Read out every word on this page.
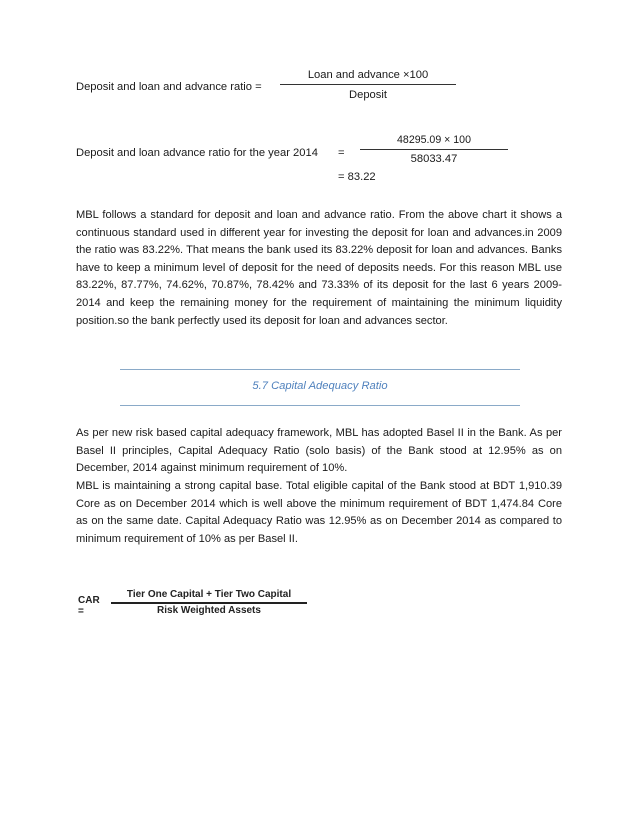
Deposit and loan and advance ratio =
Loan and advance ×100
Deposit
Deposit and loan advance ratio for the year 2014 =
48295.09 × 100
58033.47
= 83.22
MBL follows a standard for deposit and loan and advance ratio. From the above chart it shows a continuous standard used in different year for investing the deposit for loan and advances.in 2009 the ratio was 83.22%. That means the bank used its 83.22% deposit for loan and advances. Banks have to keep a minimum level of deposit for the need of deposits needs. For this reason MBL use 83.22%, 87.77%, 74.62%, 70.87%, 78.42% and 73.33% of its deposit for the last 6 years 2009-2014 and keep the remaining money for the requirement of maintaining the minimum liquidity position.so the bank perfectly used its deposit for loan and advances sector.
5.7 Capital Adequacy Ratio
As per new risk based capital adequacy framework, MBL has adopted Basel II in the Bank. As per Basel II principles, Capital Adequacy Ratio (solo basis) of the Bank stood at 12.95% as on December, 2014 against minimum requirement of 10%.
MBL is maintaining a strong capital base. Total eligible capital of the Bank stood at BDT 1,910.39 Core as on December 2014 which is well above the minimum requirement of BDT 1,474.84 Core as on the same date. Capital Adequacy Ratio was 12.95% as on December 2014 as compared to minimum requirement of 10% as per Basel II.
CAR =
Tier One Capital + Tier Two Capital
Risk Weighted Assets
